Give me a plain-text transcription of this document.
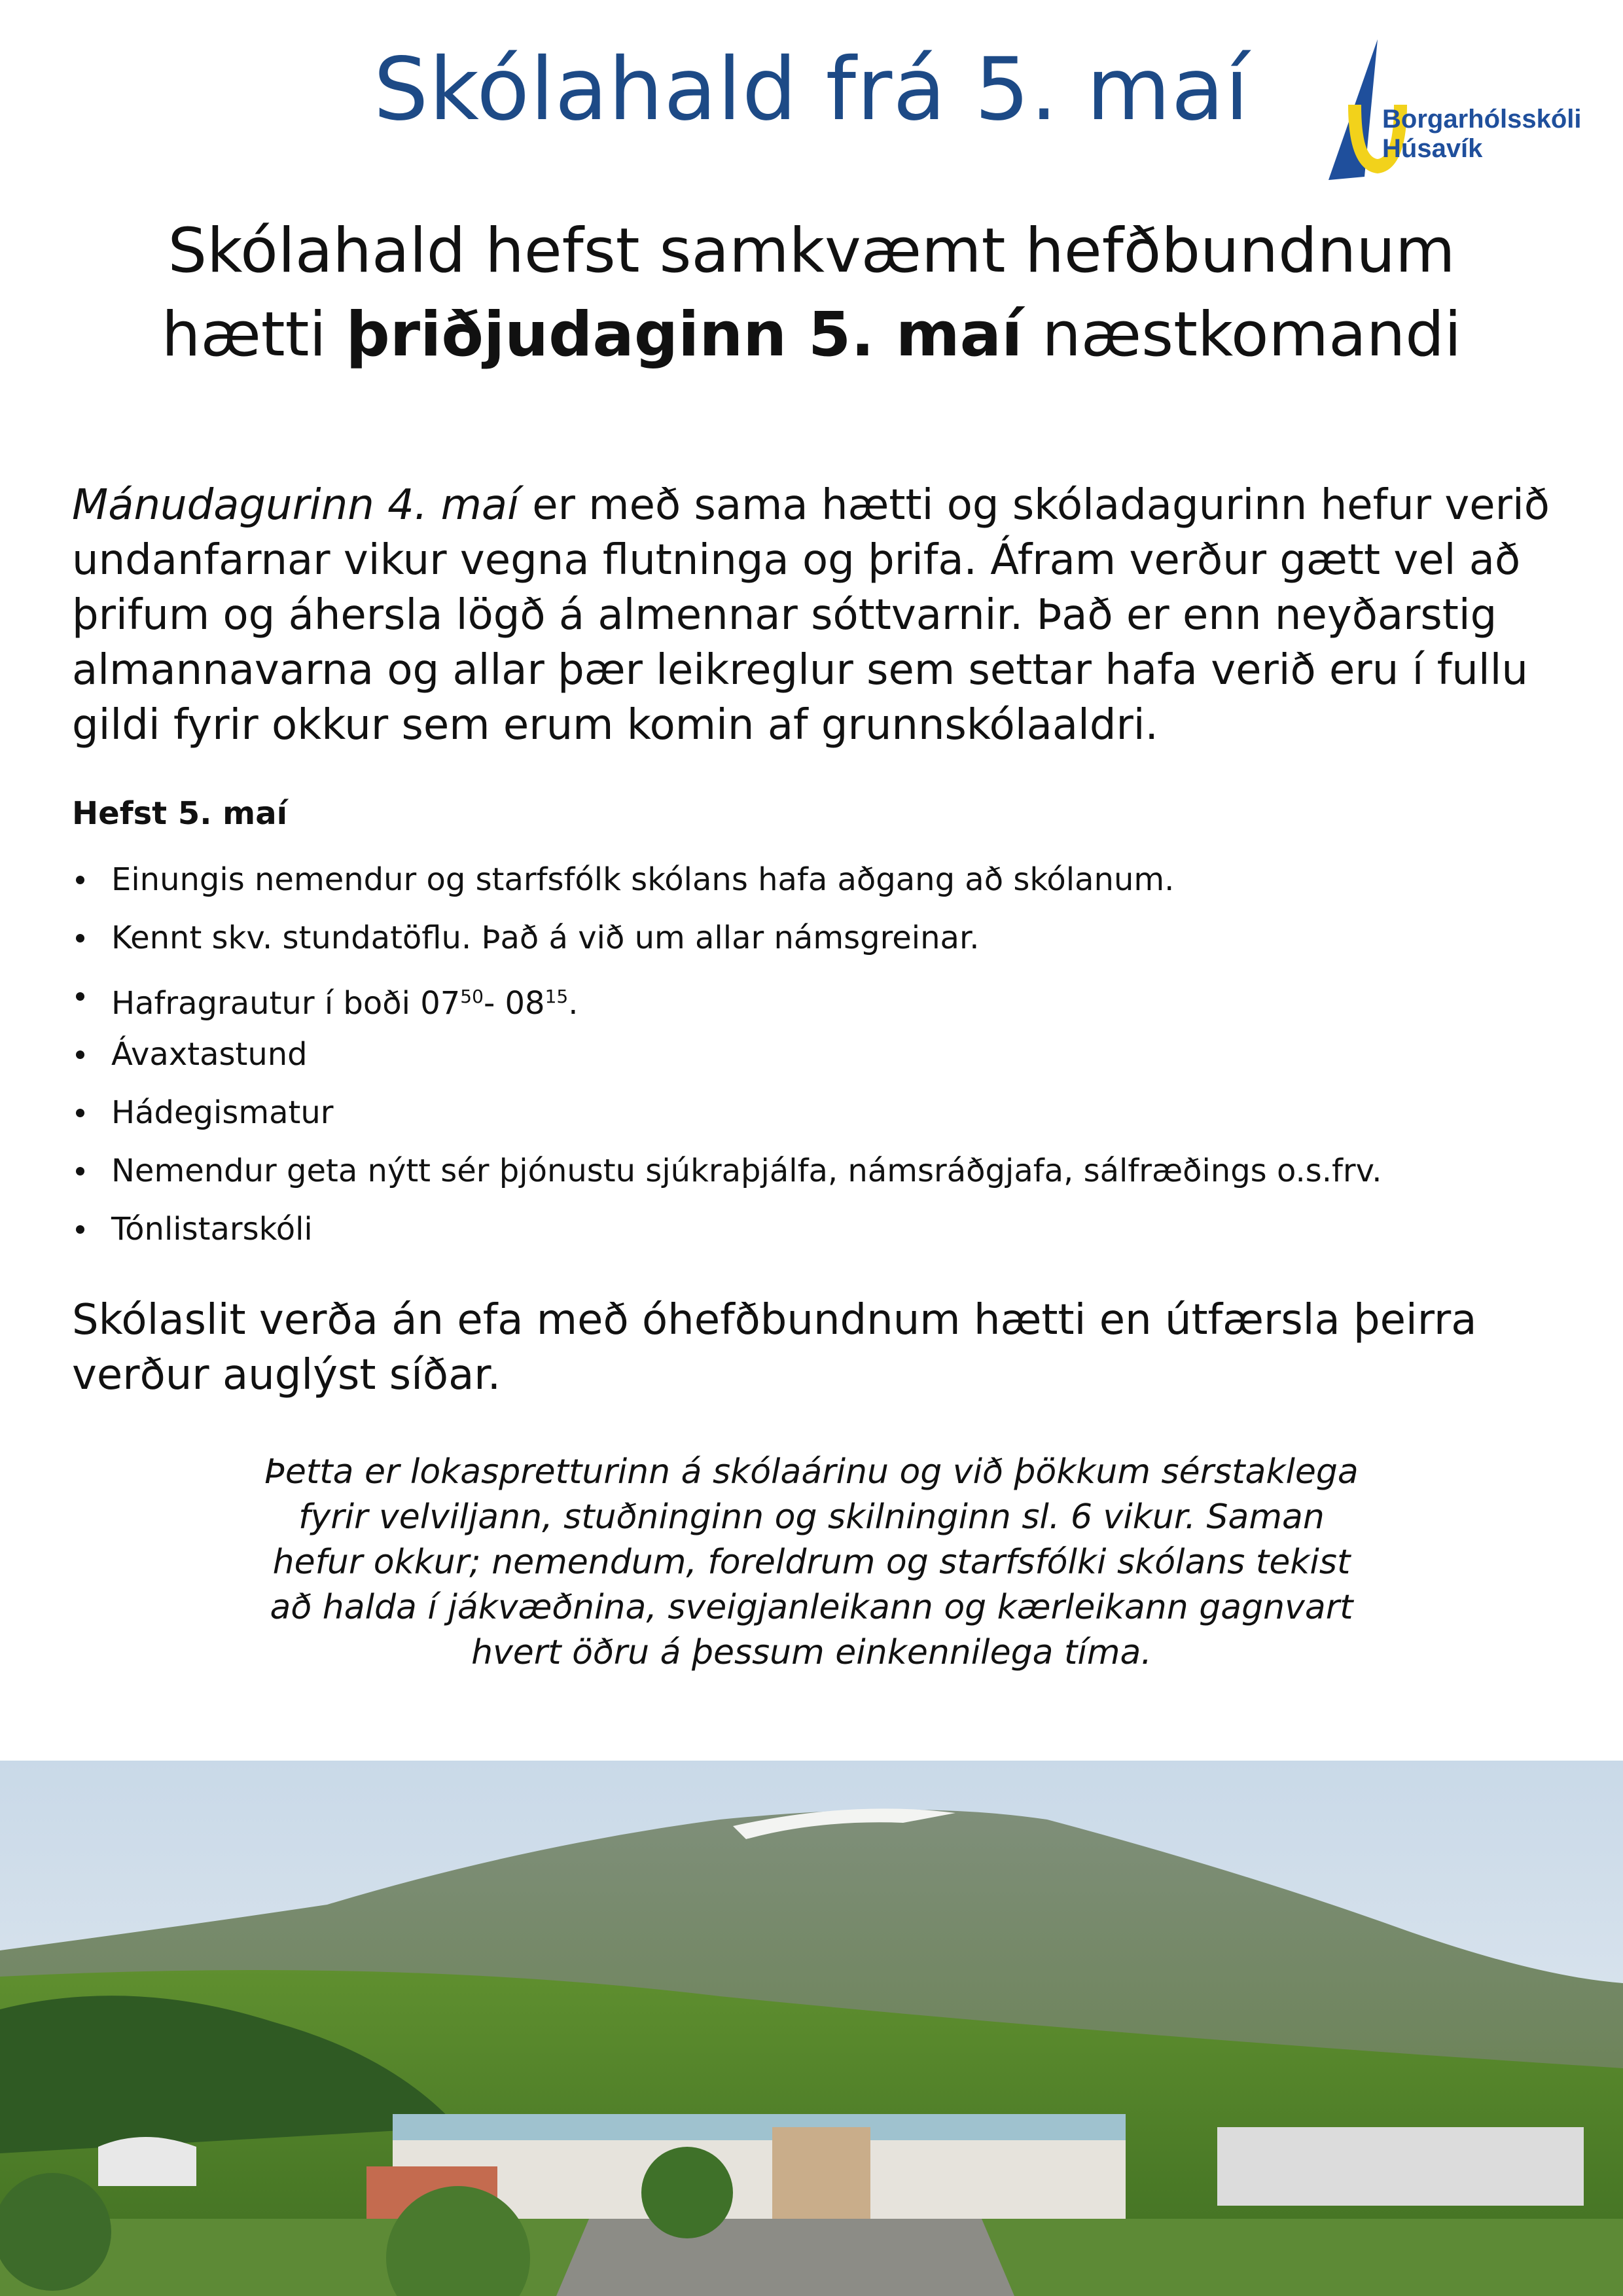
Skólahald frá 5. maí	Borgarhólsskóli
Húsavík
Skólahald hefst samkvæmt hefðbundnum
hætti þriðjudaginn 5. maí næstkomandi

Mánudagurinn 4. maí er með sama hætti og skóladagurinn hefur verið undanfarnar vikur vegna flutninga og þrifa. Áfram verður gætt vel að þrifum og áhersla lögð á almennar sóttvarnir. Það er enn neyðarstig almannavarna og allar þær leikreglur sem settar hafa verið eru í fullu gildi fyrir okkur sem erum komin af grunnskólaaldri.

Hefst 5. maí
Einungis nemendur og starfsfólk skólans hafa aðgang að skólanum.
Kennt skv. stundatöflu. Það á við um allar námsgreinar.
Hafragrautur í boði $07^{50}-$ $08^{15}$.
Ávaxtastund
Hádegismatur
Nemendur geta nýtt sér þjónustu sjúkraþjálfa, námsráðgjafa, sálfræðings o.s.frv.
Tónlistarskóli

Skólaslit verða án efa með óhefðbundnum hætti en útfærsla þeirra verður auglýst síðar.

Þetta er lokaspretturinn á skólaárinu og við þökkum sérstaklega fyrir velviljann, stuðninginn og skilninginn sl. 6 vikur. Saman hefur okkur; nemendum, foreldrum og starfsfólki skólans tekist að halda í jákvæðnina, sveigjanleikann og kærleikann gagnvart hvert öðru á þessum einkennilega tíma.
